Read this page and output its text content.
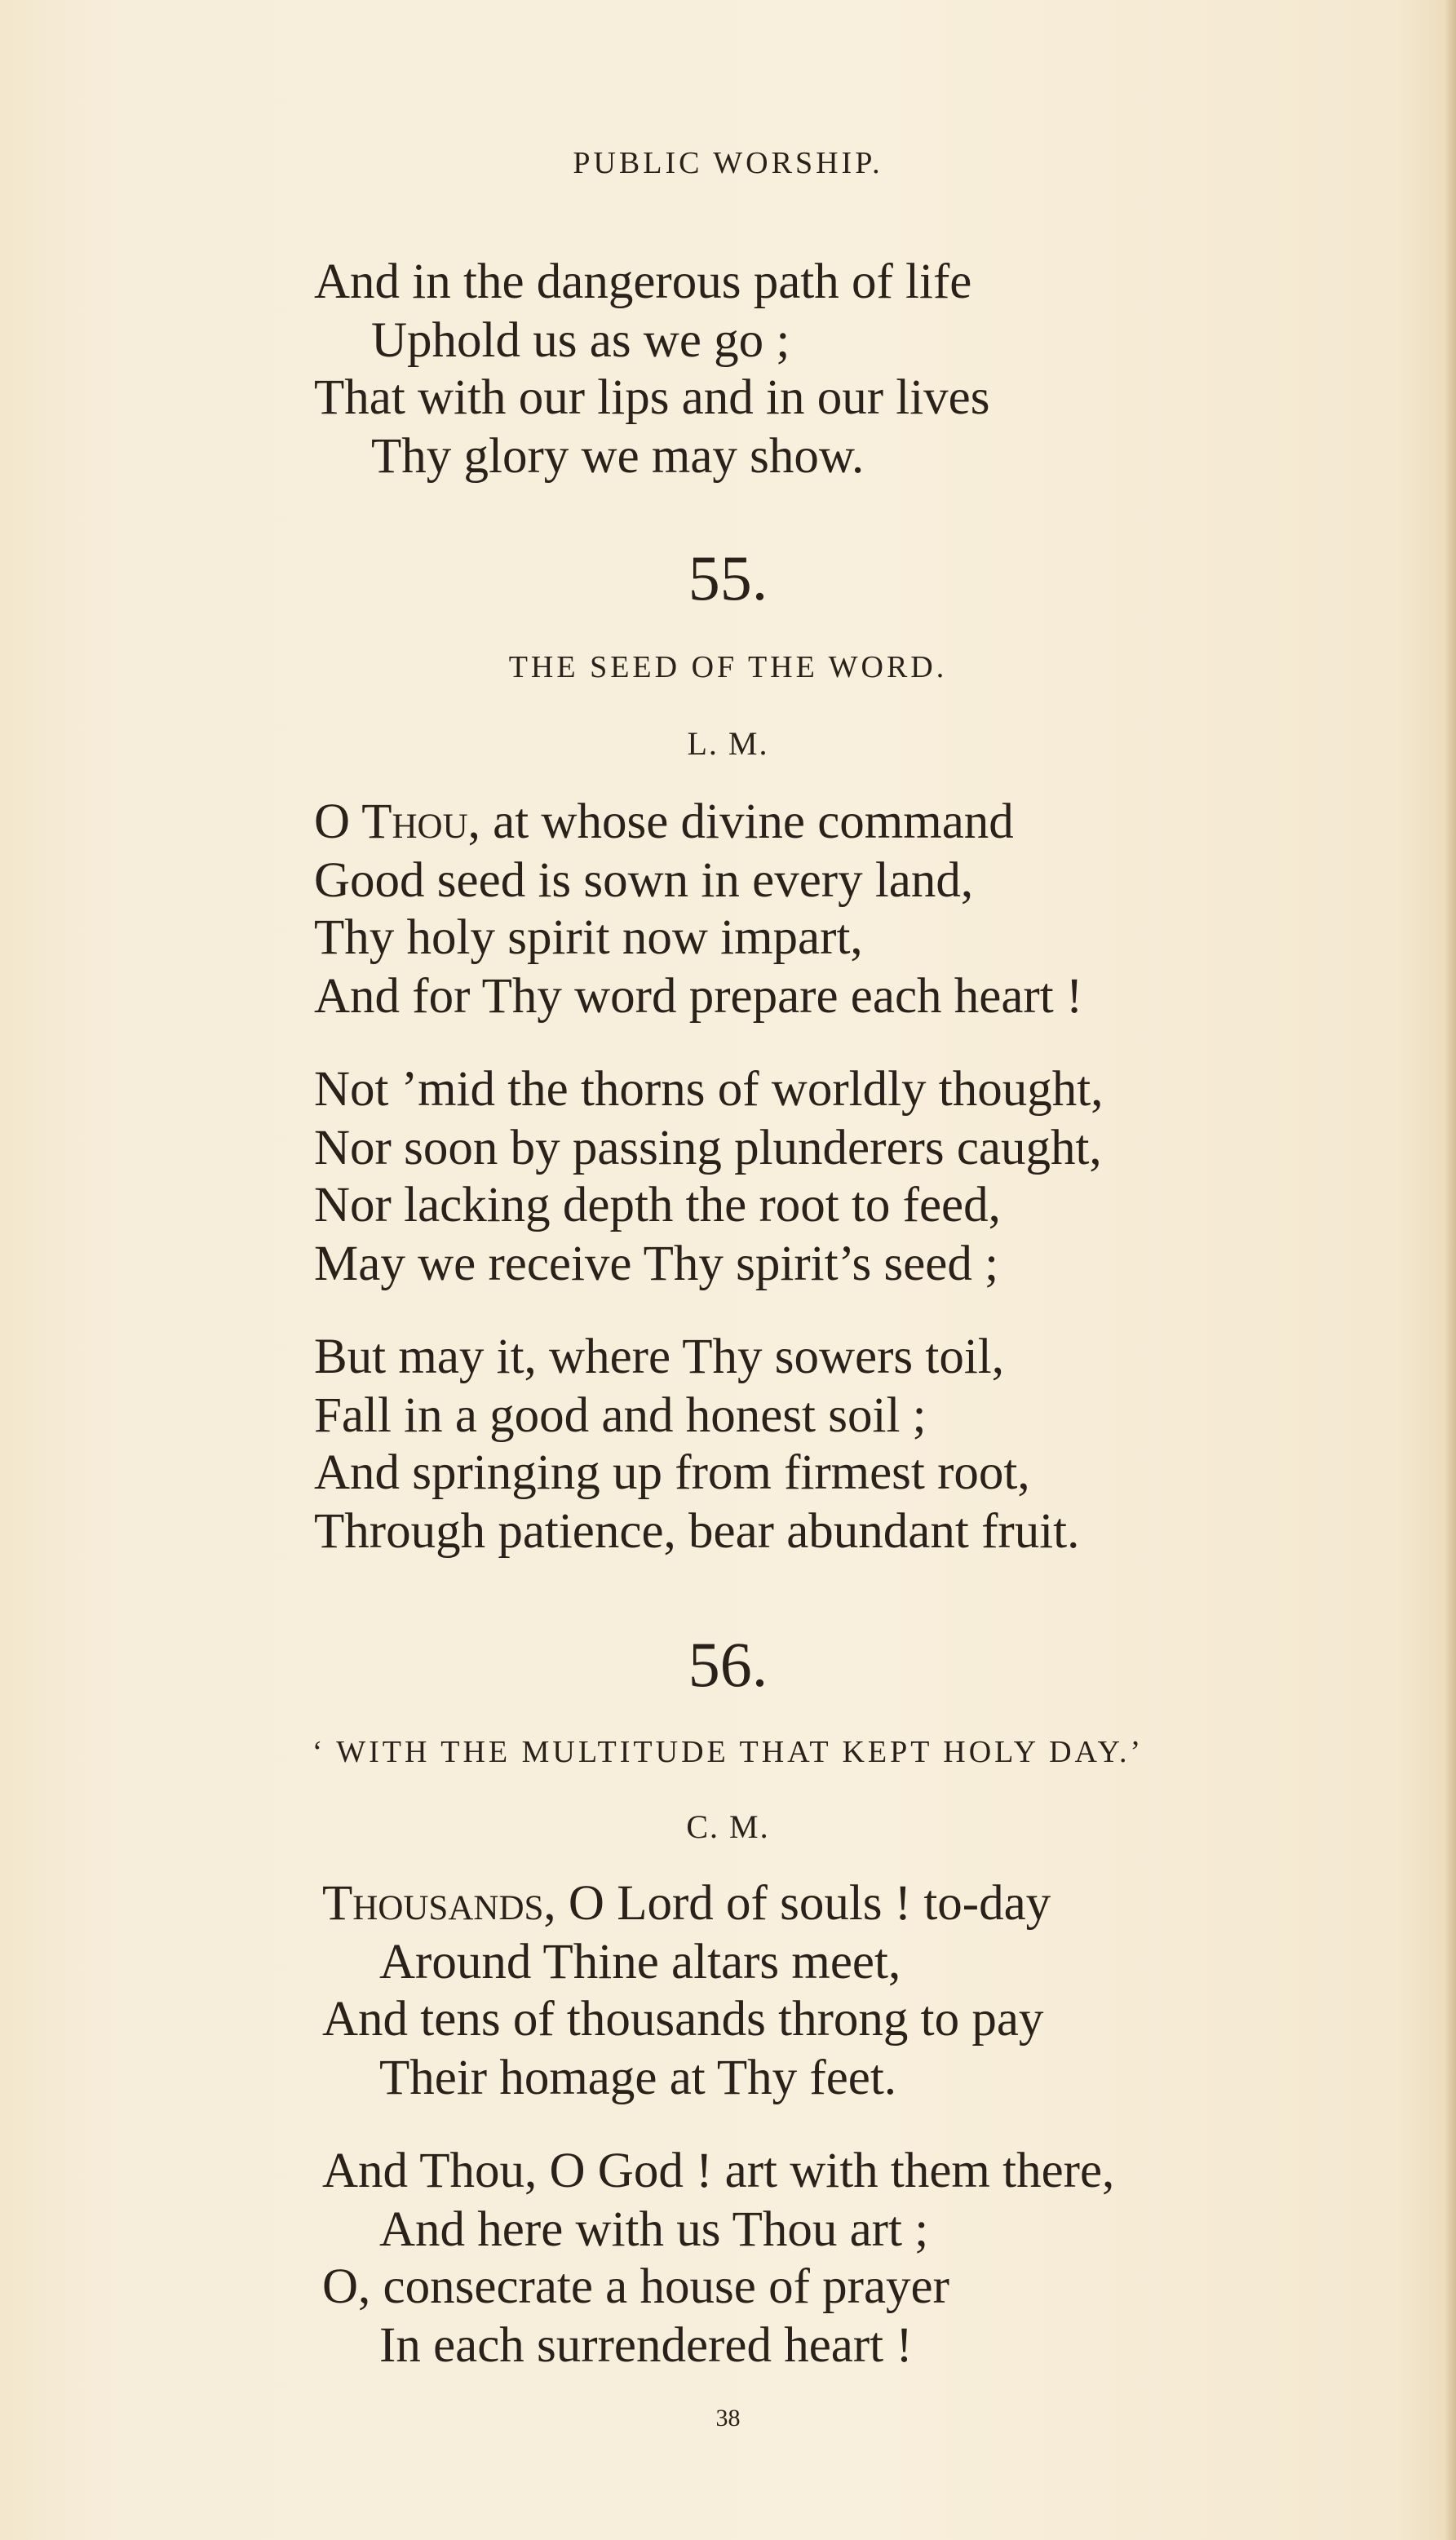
PUBLIC WORSHIP.
And in the dangerous path of life
Uphold us as we go ;
That with our lips and in our lives
Thy glory we may show.
55.
THE SEED OF THE WORD.
L. M.
O Thou, at whose divine command
Good seed is sown in every land,
Thy holy spirit now impart,
And for Thy word prepare each heart !
Not ’mid the thorns of worldly thought,
Nor soon by passing plunderers caught,
Nor lacking depth the root to feed,
May we receive Thy spirit’s seed ;
But may it, where Thy sowers toil,
Fall in a good and honest soil ;
And springing up from firmest root,
Through patience, bear abundant fruit.
56.
‘ WITH THE MULTITUDE THAT KEPT HOLY DAY.’
C. M.
Thousands, O Lord of souls ! to-day
Around Thine altars meet,
And tens of thousands throng to pay
Their homage at Thy feet.
And Thou, O God ! art with them there,
And here with us Thou art ;
O, consecrate a house of prayer
In each surrendered heart !
38
